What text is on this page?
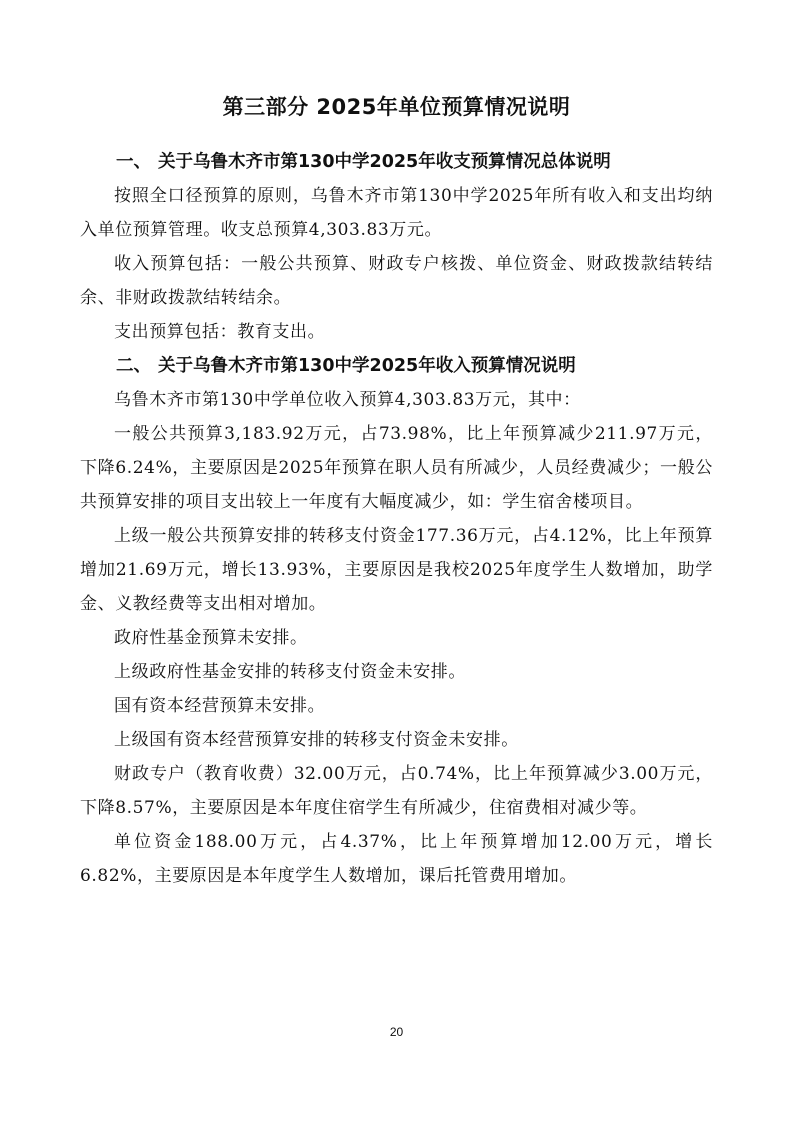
第三部分 2025年单位预算情况说明
一、 关于乌鲁木齐市第130中学2025年收支预算情况总体说明

按照全口径预算的原则，乌鲁木齐市第130中学2025年所有收入和支出均纳入单位预算管理。收支总预算4,303.83万元。

收入预算包括：一般公共预算、财政专户核拨、单位资金、财政拨款结转结余、非财政拨款结转结余。

支出预算包括：教育支出。

二、 关于乌鲁木齐市第130中学2025年收入预算情况说明

乌鲁木齐市第130中学单位收入预算4,303.83万元，其中：

一般公共预算3,183.92万元，占73.98%，比上年预算减少211.97万元，下降6.24%，主要原因是2025年预算在职人员有所减少，人员经费减少；一般公共预算安排的项目支出较上一年度有大幅度减少，如：学生宿舍楼项目。

上级一般公共预算安排的转移支付资金177.36万元，占4.12%，比上年预算增加21.69万元，增长13.93%，主要原因是我校2025年度学生人数增加，助学金、义教经费等支出相对增加。

政府性基金预算未安排。

上级政府性基金安排的转移支付资金未安排。

国有资本经营预算未安排。

上级国有资本经营预算安排的转移支付资金未安排。

财政专户（教育收费）32.00万元，占0.74%，比上年预算减少3.00万元，下降8.57%，主要原因是本年度住宿学生有所减少，住宿费相对减少等。

单位资金188.00万元，占4.37%，比上年预算增加12.00万元，增长6.82%，主要原因是本年度学生人数增加，课后托管费用增加。

20
